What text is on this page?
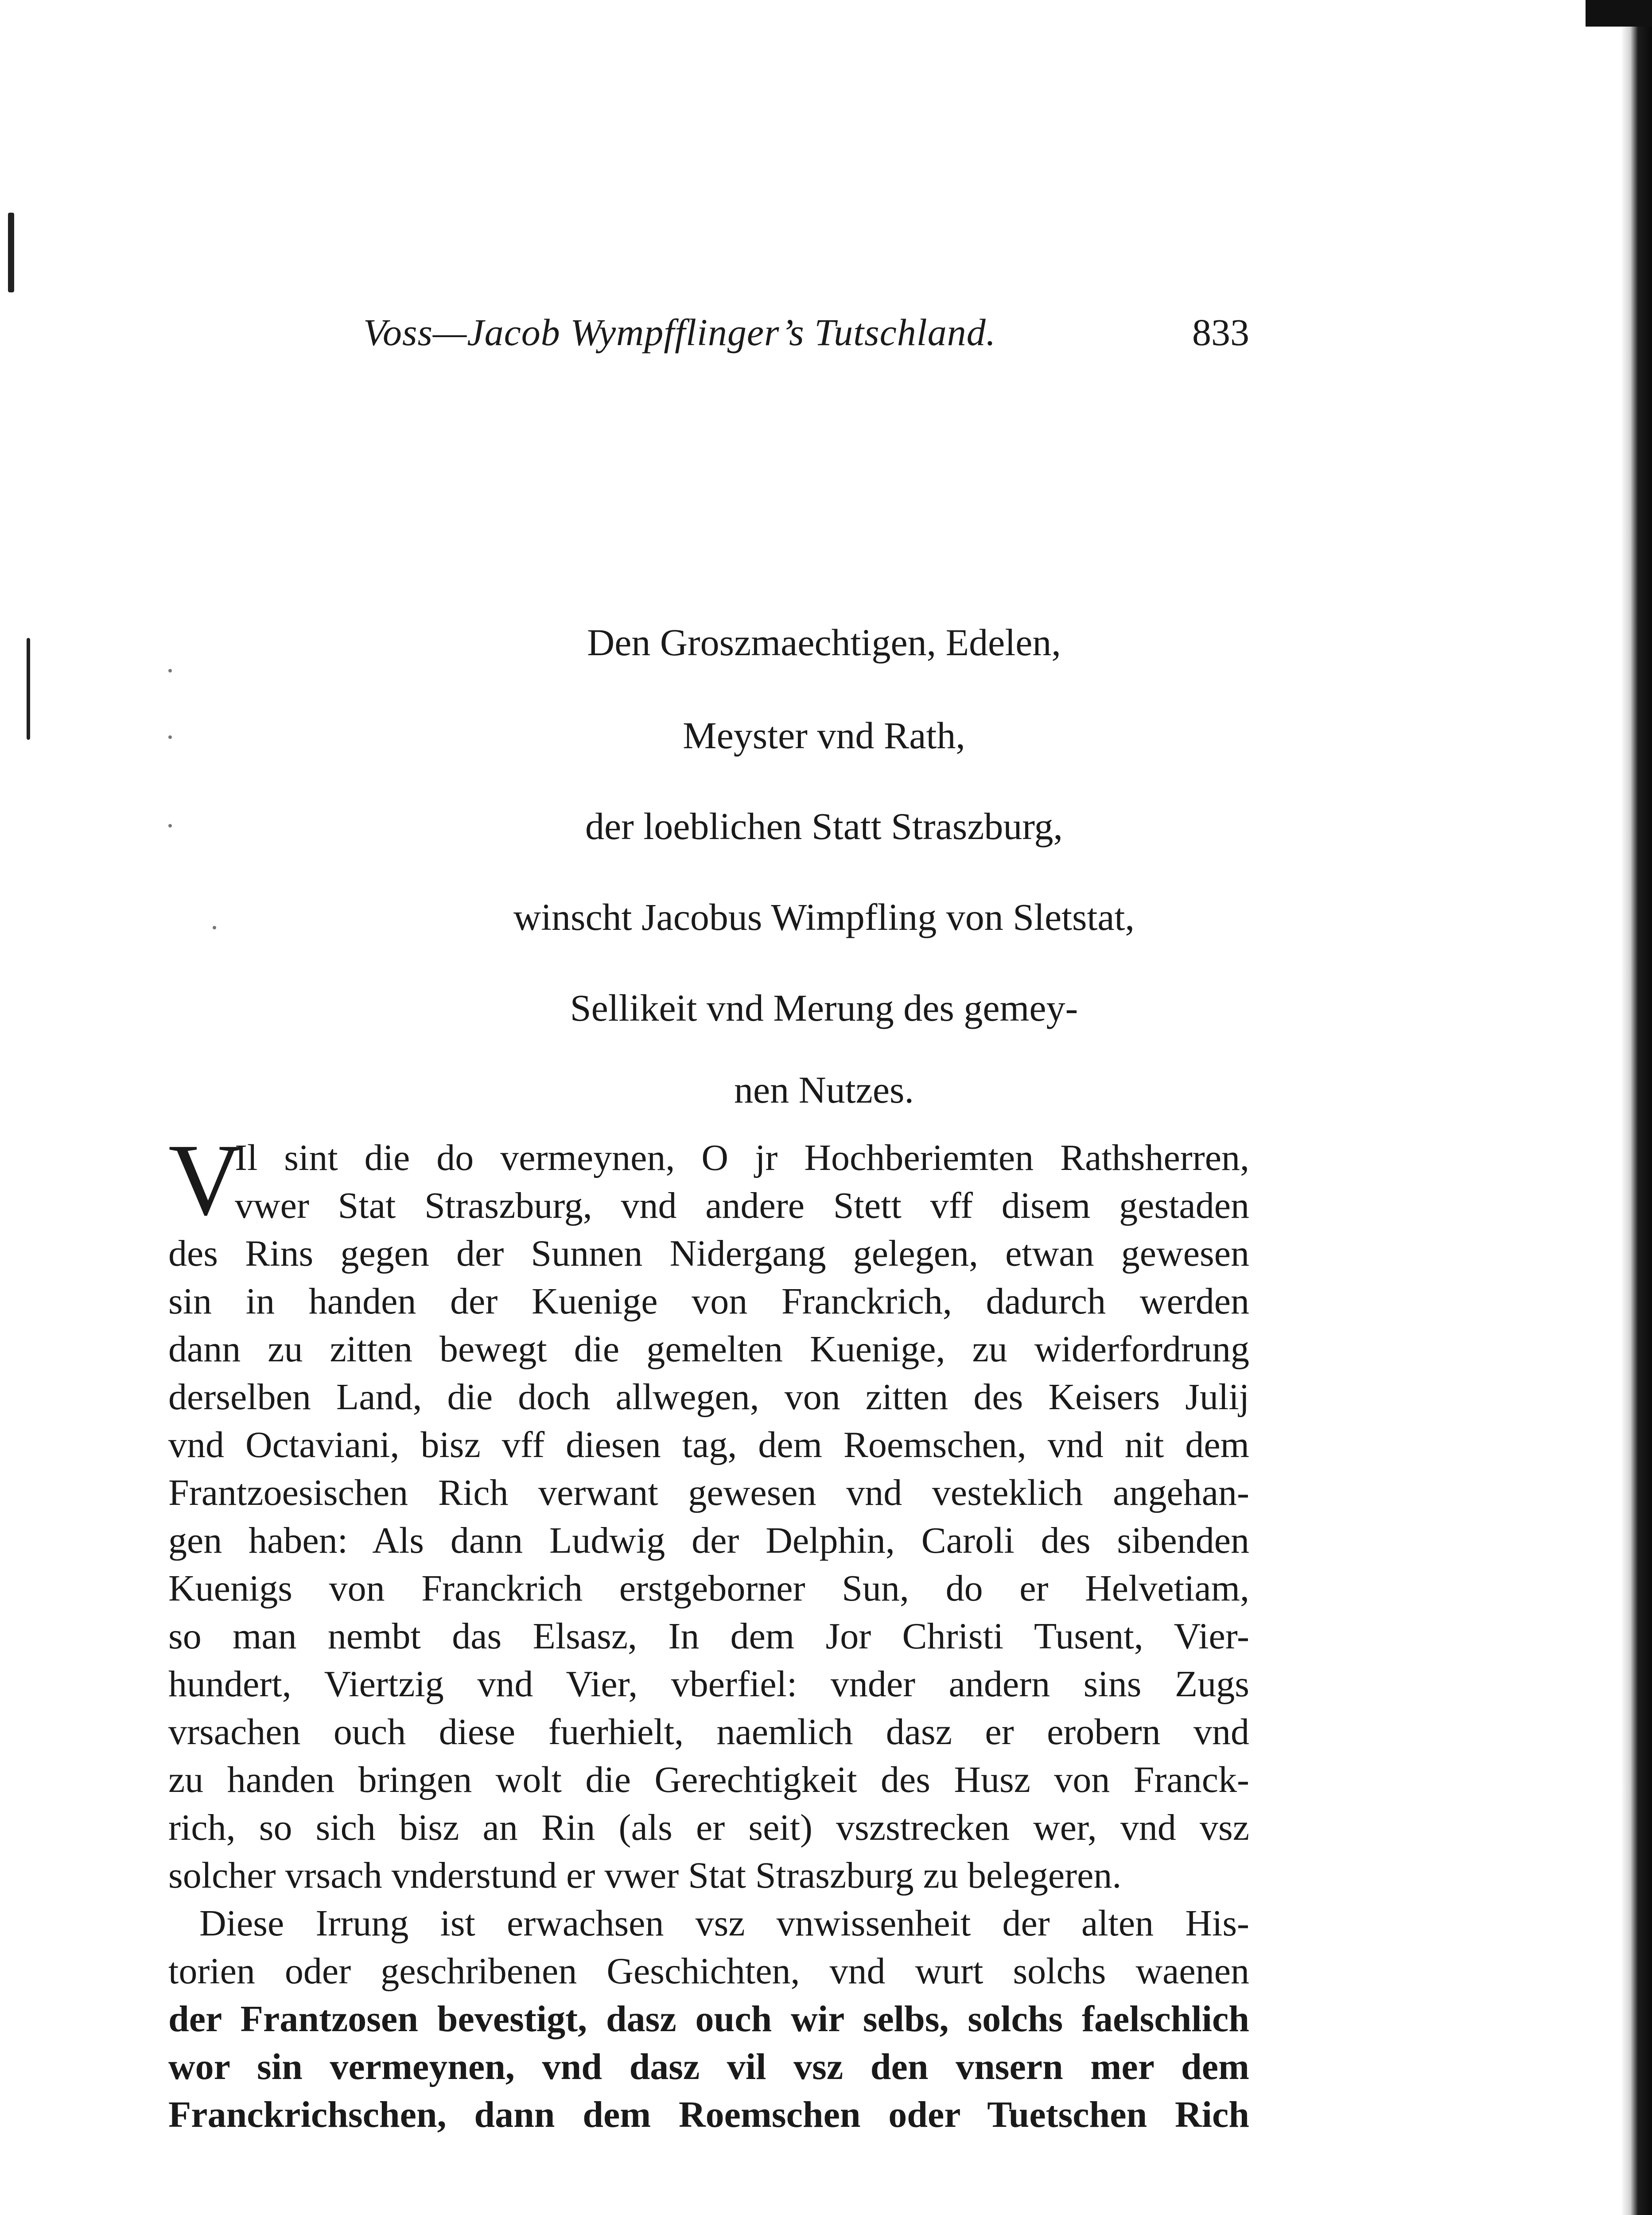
Voss—Jacob Wympfflinger’s Tutschland.	833
Den Groszmaechtigen, Edelen,
Meyster vnd Rath,
der loeblichen Statt Straszburg,
winscht Jacobus Wimpfling von Sletstat,
Sellikeit vnd Merung des gemey-
nen Nutzes.
V
Il sint die do vermeynen, O jr Hochberiemten Rathsherren,
vwer Stat Straszburg, vnd andere Stett vff disem gestaden
des Rins gegen der Sunnen Nidergang gelegen, etwan gewesen
sin in handen der Kuenige von Franckrich, dadurch werden
dann zu zitten bewegt die gemelten Kuenige, zu widerfordrung
derselben Land, die doch allwegen, von zitten des Keisers Julij
vnd Octaviani, bisz vff diesen tag, dem Roemschen, vnd nit dem
Frantzoesischen Rich verwant gewesen vnd vesteklich angehan-
gen haben: Als dann Ludwig der Delphin, Caroli des sibenden
Kuenigs von Franckrich erstgeborner Sun, do er Helvetiam,
so man nembt das Elsasz, In dem Jor Christi Tusent, Vier-
hundert, Viertzig vnd Vier, vberfiel: vnder andern sins Zugs
vrsachen ouch diese fuerhielt, naemlich dasz er erobern vnd
zu handen bringen wolt die Gerechtigkeit des Husz von Franck-
rich, so sich bisz an Rin (als er seit) vszstrecken wer, vnd vsz
solcher vrsach vnderstund er vwer Stat Straszburg zu belegeren.
Diese Irrung ist erwachsen vsz vnwissenheit der alten His-
torien oder geschribenen Geschichten, vnd wurt solchs waenen
der Frantzosen bevestigt, dasz ouch wir selbs, solchs faelschlich
wor sin vermeynen, vnd dasz vil vsz den vnsern mer dem
Franckrichschen, dann dem Roemschen oder Tuetschen Rich
